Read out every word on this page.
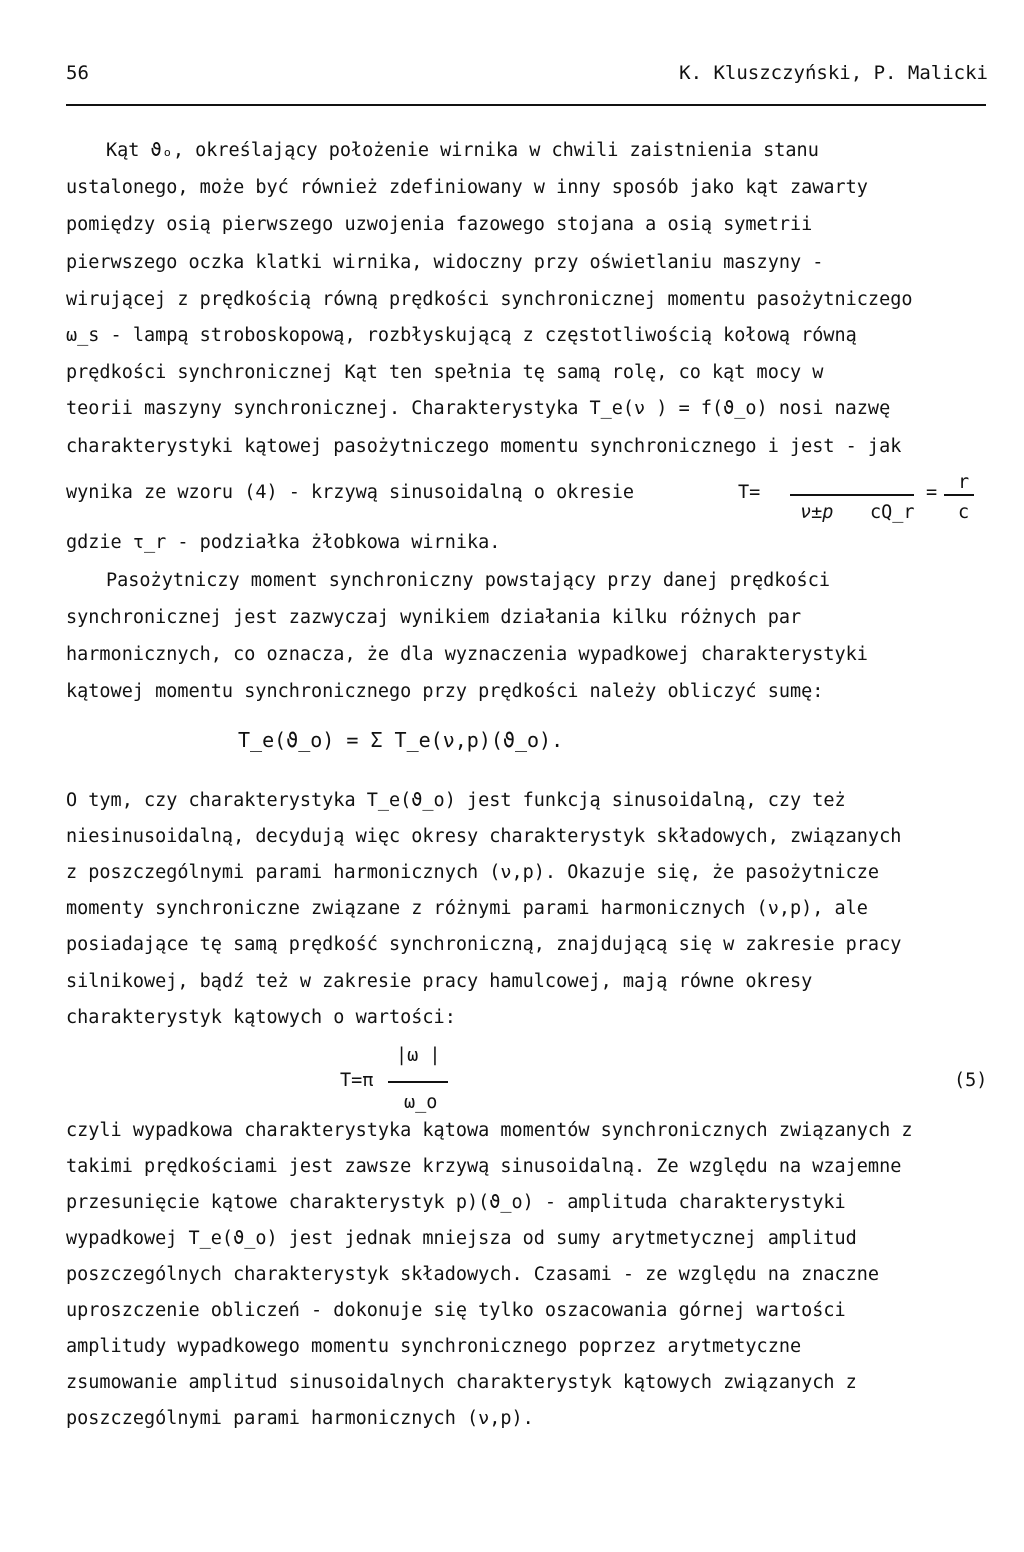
56	K. Kluszczyński, P. Malicki
Kąt ϑₒ, określający położenie wirnika w chwili zaistnienia stanu
ustalonego, może być również zdefiniowany w inny sposób jako kąt zawarty
pomiędzy osią pierwszego uzwojenia fazowego stojana a osią symetrii
pierwszego oczka klatki wirnika, widoczny przy oświetlaniu maszyny -
wirującej z prędkością równą prędkości synchronicznej momentu pasożytniczego
ω_s - lampą stroboskopową, rozbłyskującą z częstotliwością kołową równą
prędkości synchronicznej Kąt ten spełnia tę samą rolę, co kąt mocy w
teorii maszyny synchronicznej. Charakterystyka T_e(ν ) = f(ϑ_o) nosi nazwę
charakterystyki kątowej pasożytniczego momentu synchronicznego i jest - jak
wynika ze wzoru (4) - krzywą sinusoidalną o okresie	T=
ν±p cQ_r
= r
c
gdzie τ_r - podziałka żłobkowa wirnika.
Pasożytniczy moment synchroniczny powstający przy danej prędkości
synchronicznej jest zazwyczaj wynikiem działania kilku różnych par
harmonicznych, co oznacza, że dla wyznaczenia wypadkowej charakterystyki
kątowej momentu synchronicznego przy prędkości należy obliczyć sumę:
T_e(ϑ_o) = Σ T_e(ν,p)(ϑ_o).
O tym, czy charakterystyka T_e(ϑ_o) jest funkcją sinusoidalną, czy też
niesinusoidalną, decydują więc okresy charakterystyk składowych, związanych
z poszczególnymi parami harmonicznych (ν,p). Okazuje się, że pasożytnicze
momenty synchroniczne związane z różnymi parami harmonicznych (ν,p), ale
posiadające tę samą prędkość synchroniczną, znajdującą się w zakresie pracy
silnikowej, bądź też w zakresie pracy hamulcowej, mają równe okresy
charakterystyk kątowych o wartości:
|ω |
T=π
ω_o
(5)
czyli wypadkowa charakterystyka kątowa momentów synchronicznych związanych z
takimi prędkościami jest zawsze krzywą sinusoidalną. Ze względu na wzajemne
przesunięcie kątowe charakterystyk p)(ϑ_o) - amplituda charakterystyki
wypadkowej T_e(ϑ_o) jest jednak mniejsza od sumy arytmetycznej amplitud
poszczególnych charakterystyk składowych. Czasami - ze względu na znaczne
uproszczenie obliczeń - dokonuje się tylko oszacowania górnej wartości
amplitudy wypadkowego momentu synchronicznego poprzez arytmetyczne
zsumowanie amplitud sinusoidalnych charakterystyk kątowych związanych z
poszczególnymi parami harmonicznych (ν,p).
